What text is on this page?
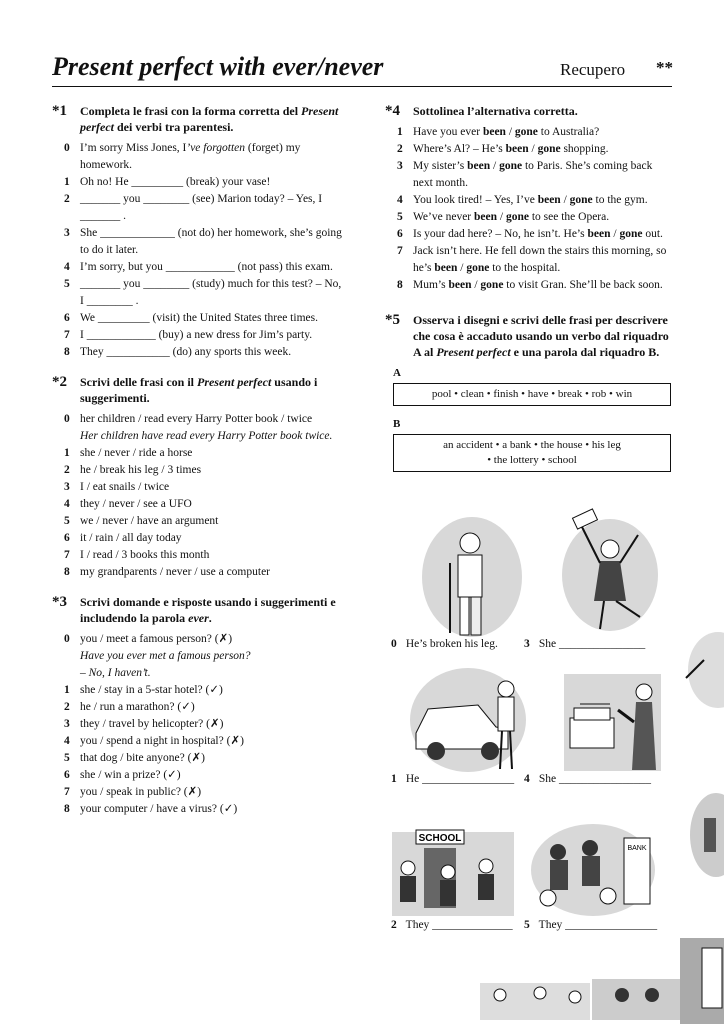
Present perfect with ever/never	Recupero **
*1	Completa le frasi con la forma corretta del Present perfect dei verbi tra parentesi.
0 I’m sorry Miss Jones, I’ve forgotten (forget) my homework.
1 Oh no! He _________ (break) your vase!
2 _______ you ________ (see) Marion today? – Yes, I _______ .
3 She _____________ (not do) her homework, she’s going to do it later.
4 I’m sorry, but you ____________ (not pass) this exam.
5 _______ you ________ (study) much for this test? – No, I ________ .
6 We _________ (visit) the United States three times.
7 I ____________ (buy) a new dress for Jim’s party.
8 They ___________ (do) any sports this week.
*2	Scrivi delle frasi con il Present perfect usando i suggerimenti.
0 her children / read every Harry Potter book / twice
Her children have read every Harry Potter book twice.
1 she / never / ride a horse
2 he / break his leg / 3 times
3 I / eat snails / twice
4 they / never / see a UFO
5 we / never / have an argument
6 it / rain / all day today
7 I / read / 3 books this month
8 my grandparents / never / use a computer
*3	Scrivi domande e risposte usando i suggerimenti e includendo la parola ever.
0 you / meet a famous person? (✗)
Have you ever met a famous person?
– No, I haven’t.
1 she / stay in a 5-star hotel? (✓)
2 he / run a marathon? (✓)
3 they / travel by helicopter? (✗)
4 you / spend a night in hospital? (✗)
5 that dog / bite anyone? (✗)
6 she / win a prize? (✓)
7 you / speak in public? (✗)
8 your computer / have a virus? (✓)
*4	Sottolinea l’alternativa corretta.
1 Have you ever been / gone to Australia?
2 Where’s Al? – He’s been / gone shopping.
3 My sister’s been / gone to Paris. She’s coming back next month.
4 You look tired! – Yes, I’ve been / gone to the gym.
5 We’ve never been / gone to see the Opera.
6 Is your dad here? – No, he isn’t. He’s been / gone out.
7 Jack isn’t here. He fell down the stairs this morning, so he’s been / gone to the hospital.
8 Mum’s been / gone to visit Gran. She’ll be back soon.
*5	Osserva i disegni e scrivi delle frasi per descrivere che cosa è accaduto usando un verbo dal riquadro A al Present perfect e una parola dal riquadro B.
A
pool • clean • finish • have • break • rob • win
B
an accident • a bank • the house • his leg
• the lottery • school
0 He’s broken his leg. 3 She _______________
1 He ________________ 4 She ________________
SCHOOL
BANK
2 They ______________ 5 They ________________
